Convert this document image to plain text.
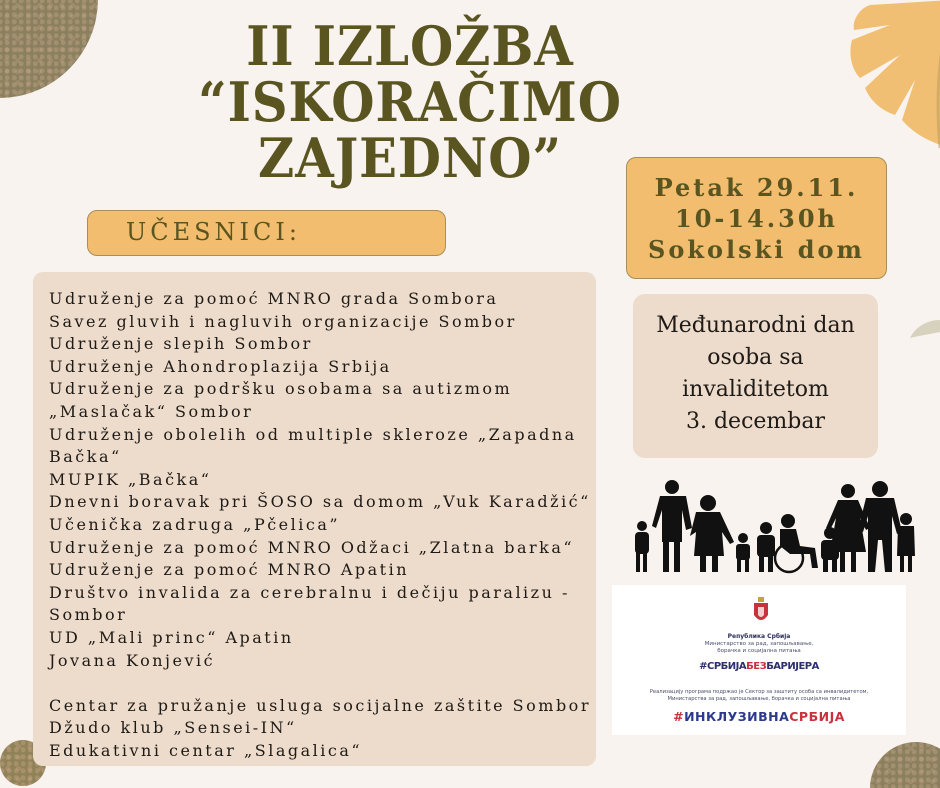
II IZLOŽBA
“ISKORAČIMO
ZAJEDNO”	Petak 29.11.
10-14.30h
Sokolski dom
UČESNICI:
Udruženje za pomoć MNRO grada Sombora
Savez gluvih i nagluvih organizacije Sombor
Udruženje slepih Sombor
Udruženje Ahondroplazija Srbija
Udruženje za podršku osobama sa autizmom
„Maslačak“ Sombor
Udruženje obolelih od multiple skleroze „Zapadna
Bačka“
MUPIK „Bačka“
Dnevni boravak pri ŠOSO sa domom „Vuk Karadžić“
Učenička zadruga „Pčelica”
Udruženje za pomoć MNRO Odžaci „Zlatna barka“
Udruženje za pomoć MNRO Apatin
Društvo invalida za cerebralnu i dečiju paralizu -
Sombor
UD „Mali princ“ Apatin
Jovana Konjević
Centar za pružanje usluga socijalne zaštite Sombor
Džudo klub „Sensei-IN“
Edukativni centar „Slagalica“
Međunarodni dan
osoba sa
invaliditetom
3. decembar
Република Србија
Министарство за рад, запошљавање,
борачка и социјална питања
#СРБИЈАБЕЗБАРИЈЕРА
Реализацију програма подржао је Сектор за заштиту особа са инвалидитетом,
Министарства за рад, запошљавање, борачка и социјална питања
#ИНКЛУЗИВНАСРБИЈА
